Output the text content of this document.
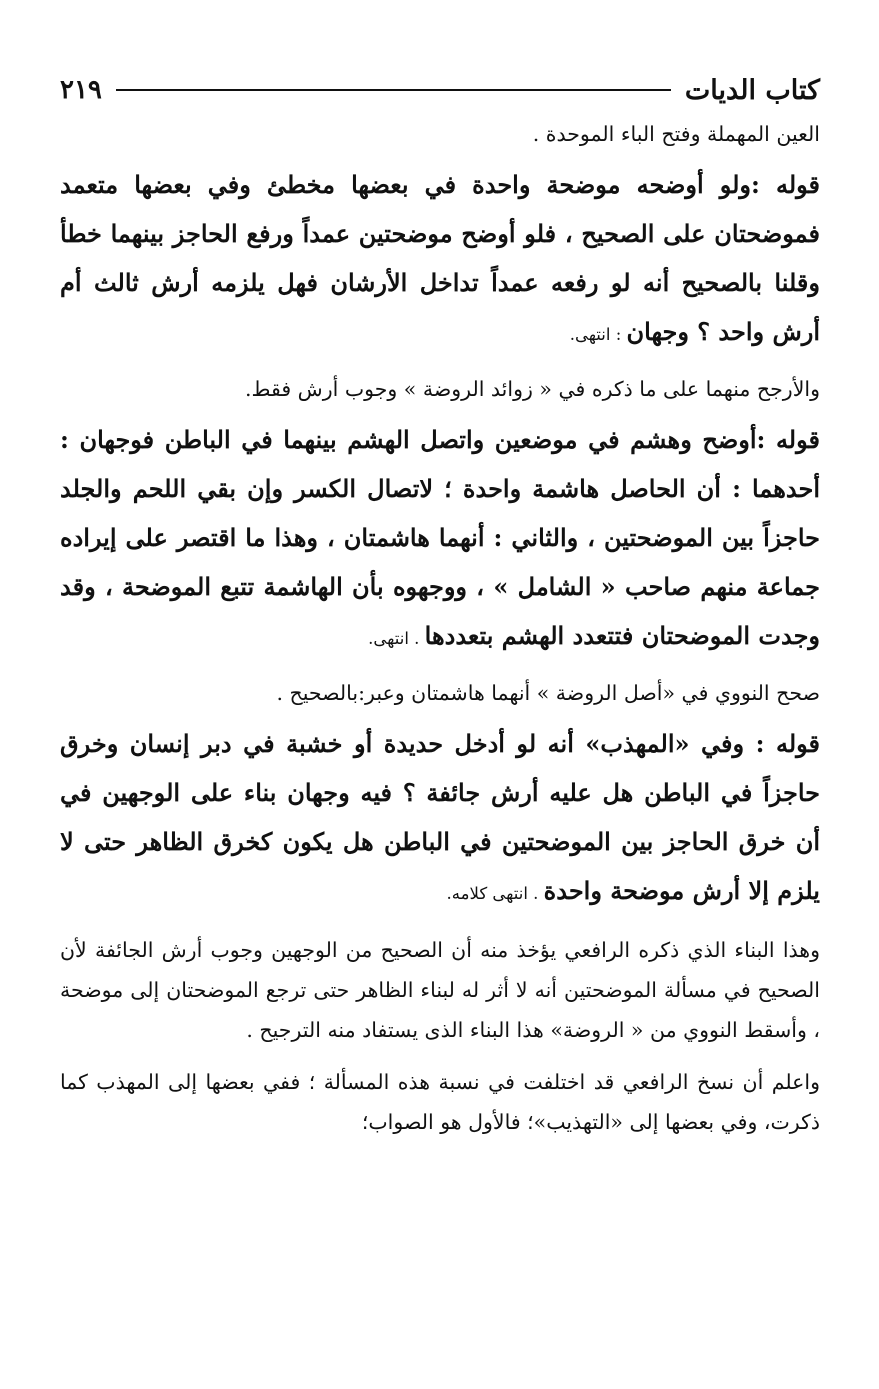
كتاب الديات
٢١٩

العين المهملة وفتح الباء الموحدة .

قوله :ولو أوضحه موضحة واحدة في بعضها مخطئ وفي بعضها متعمد فموضحتان على الصحيح ، فلو أوضح موضحتين عمداً ورفع الحاجز بينهما خطأ وقلنا بالصحيح أنه لو رفعه عمداً تداخل الأرشان فهل يلزمه أرش ثالث أم أرش واحد ؟ وجهان : انتهى.

والأرجح منهما على ما ذكره في « زوائد الروضة » وجوب أرش فقط.

قوله :أوضح وهشم في موضعين واتصل الهشم بينهما في الباطن فوجهان : أحدهما : أن الحاصل هاشمة واحدة ؛ لاتصال الكسر وإن بقي اللحم والجلد حاجزاً بين الموضحتين ، والثاني : أنهما هاشمتان ، وهذا ما اقتصر على إيراده جماعة منهم صاحب « الشامل » ، ووجهوه بأن الهاشمة تتبع الموضحة ، وقد وجدت الموضحتان فتتعدد الهشم بتعددها . انتهى.

صحح النووي في «أصل الروضة » أنهما هاشمتان وعبر:بالصحيح .

قوله : وفي «المهذب» أنه لو أدخل حديدة أو خشبة في دبر إنسان وخرق حاجزاً في الباطن هل عليه أرش جائفة ؟ فيه وجهان بناء على الوجهين في أن خرق الحاجز بين الموضحتين في الباطن هل يكون كخرق الظاهر حتى لا يلزم إلا أرش موضحة واحدة . انتهى كلامه.

وهذا البناء الذي ذكره الرافعي يؤخذ منه أن الصحيح من الوجهين وجوب أرش الجائفة لأن الصحيح في مسألة الموضحتين أنه لا أثر له لبناء الظاهر حتى ترجع الموضحتان إلى موضحة ، وأسقط النووي من « الروضة» هذا البناء الذى يستفاد منه الترجيح .

واعلم أن نسخ الرافعي قد اختلفت في نسبة هذه المسألة ؛ ففي بعضها إلى المهذب كما ذكرت، وفي بعضها إلى «التهذيب»؛ فالأول هو الصواب؛
